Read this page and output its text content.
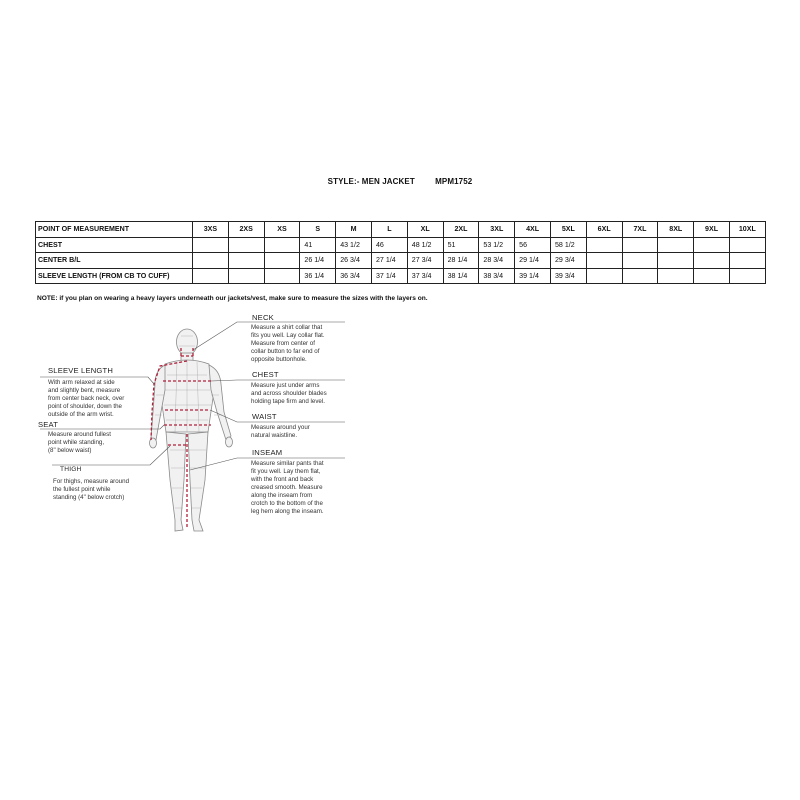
STYLE:- MEN JACKET	MPM1752
POINT OF MEASUREMENT	3XS	2XS	XS	S	M	L	XL	2XL	3XL	4XL	5XL	6XL	7XL	8XL	9XL	10XL
CHEST				41	43 1/2	46	48 1/2	51	53 1/2	56	58 1/2					
CENTER B/L				26 1/4	26 3/4	27 1/4	27 3/4	28 1/4	28 3/4	29 1/4	29 3/4					
SLEEVE LENGTH (FROM CB TO CUFF)				36 1/4	36 3/4	37 1/4	37 3/4	38 1/4	38 3/4	39 1/4	39 3/4					
NOTE: if you plan on wearing a heavy layers underneath our jackets/vest, make sure to measure the sizes with the layers on.
NECK
Measure a shirt collar that
fits you well. Lay collar flat.
Measure from center of
collar button to far end of
opposite buttonhole.
CHEST
Measure just under arms
and across shoulder blades
holding tape firm and level.
WAIST
Measure around your
natural waistline.
INSEAM
Measure similar pants that
fit you well. Lay them flat,
with the front and back
creased smooth. Measure
along the inseam from
crotch to the bottom of the
leg hem along the inseam.
SLEEVE LENGTH
With arm relaxed at side
and slightly bent, measure
from center back neck, over
point of shoulder, down the
outside of the arm wrist.
SEAT
Measure around fullest
point while standing,
(8" below waist)
THIGH
For thighs, measure around
the fullest point while
standing (4" below crotch)
